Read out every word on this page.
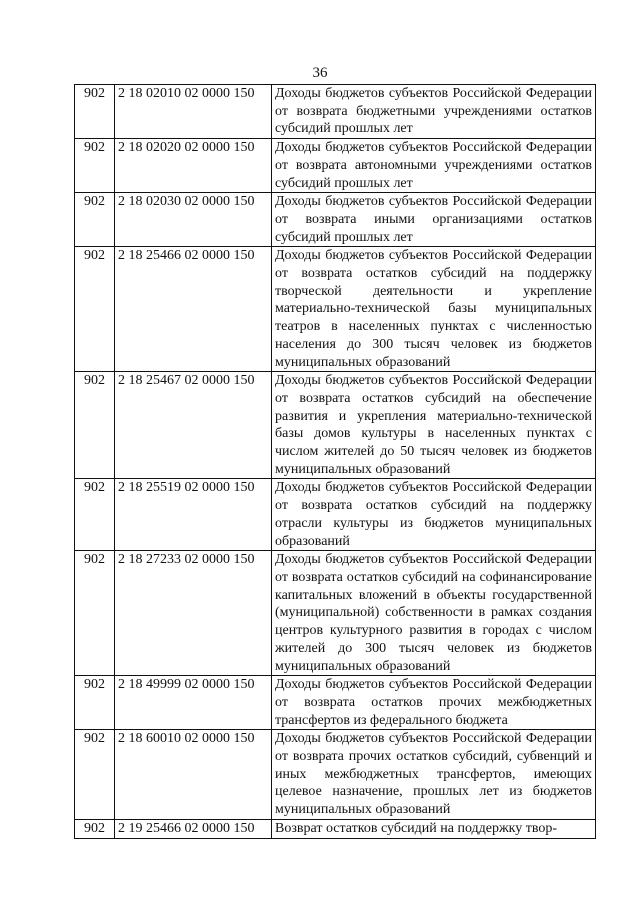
36
902	2 18 02010 02 0000 150	Доходы бюджетов субъектов Российской Федерации от возврата бюджетными учреждениями остатков субсидий прошлых лет
902	2 18 02020 02 0000 150	Доходы бюджетов субъектов Российской Федерации от возврата автономными учреждениями остатков субсидий прошлых лет
902	2 18 02030 02 0000 150	Доходы бюджетов субъектов Российской Федерации от возврата иными организациями остатков субсидий прошлых лет
902	2 18 25466 02 0000 150	Доходы бюджетов субъектов Российской Федерации от возврата остатков субсидий на поддержку творческой деятельности и укрепление материально-технической базы муниципальных театров в населенных пунктах с численностью населения до 300 тысяч человек из бюджетов муниципальных образований
902	2 18 25467 02 0000 150	Доходы бюджетов субъектов Российской Федерации от возврата остатков субсидий на обеспечение развития и укрепления материально-технической базы домов культуры в населенных пунктах с числом жителей до 50 тысяч человек из бюджетов муниципальных образований
902	2 18 25519 02 0000 150	Доходы бюджетов субъектов Российской Федерации от возврата остатков субсидий на поддержку отрасли культуры из бюджетов муниципальных образований
902	2 18 27233 02 0000 150	Доходы бюджетов субъектов Российской Федерации от возврата остатков субсидий на софинансирование капитальных вложений в объекты государственной (муниципальной) собственности в рамках создания центров культурного развития в городах с числом жителей до 300 тысяч человек из бюджетов муниципальных образований
902	2 18 49999 02 0000 150	Доходы бюджетов субъектов Российской Федерации от возврата остатков прочих межбюджетных трансфертов из федерального бюджета
902	2 18 60010 02 0000 150	Доходы бюджетов субъектов Российской Федерации от возврата прочих остатков субсидий, субвенций и иных межбюджетных трансфертов, имеющих целевое назначение, прошлых лет из бюджетов муниципальных образований
902	2 19 25466 02 0000 150	Возврат остатков субсидий на поддержку твор-
